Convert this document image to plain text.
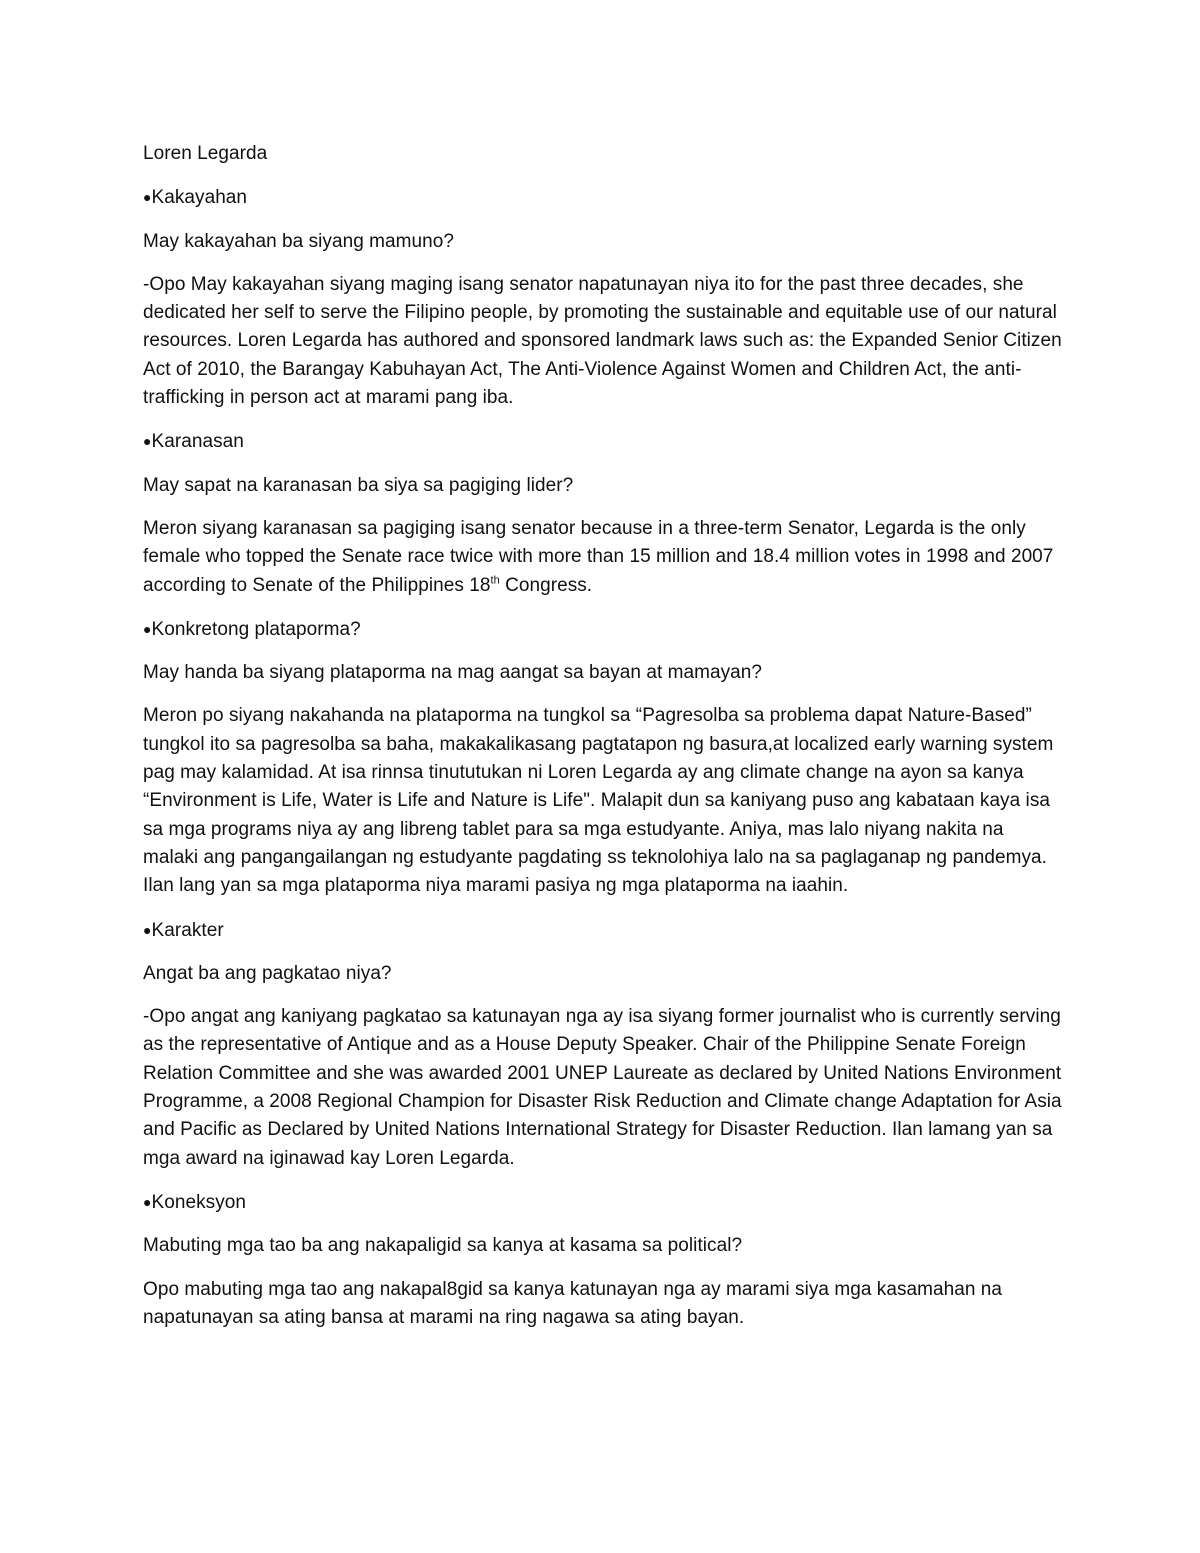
Loren Legarda

●Kakayahan

May kakayahan ba siyang mamuno?

-Opo May kakayahan siyang maging isang senator napatunayan niya ito for the past three decades, she dedicated her self to serve the Filipino people, by promoting the sustainable and equitable use of our natural resources. Loren Legarda has authored and sponsored landmark laws such as: the Expanded Senior Citizen Act of 2010, the Barangay Kabuhayan Act, The Anti-Violence Against Women and Children Act, the anti-trafficking in person act at marami pang iba.

●Karanasan

May sapat na karanasan ba siya sa pagiging lider?

Meron siyang karanasan sa pagiging isang senator because in a three-term Senator, Legarda is the only female who topped the Senate race twice with more than 15 million and 18.4 million votes in 1998 and 2007 according to Senate of the Philippines 18th Congress.

●Konkretong plataporma?

May handa ba siyang plataporma na mag aangat sa bayan at mamayan?

Meron po siyang nakahanda na plataporma na tungkol sa “Pagresolba sa problema dapat Nature-Based” tungkol ito sa pagresolba sa baha, makakalikasang pagtatapon ng basura,at localized early warning system pag may kalamidad. At isa rinnsa tinututukan ni Loren Legarda ay ang climate change na ayon sa kanya “Environment is Life, Water is Life and Nature is Life". Malapit dun sa kaniyang puso ang kabataan kaya isa sa mga programs niya ay ang libreng tablet para sa mga estudyante. Aniya, mas lalo niyang nakita na malaki ang pangangailangan ng estudyante pagdating ss teknolohiya lalo na sa paglaganap ng pandemya. Ilan lang yan sa mga plataporma niya marami pasiya ng mga plataporma na iaahin.

●Karakter

Angat ba ang pagkatao niya?

-Opo angat ang kaniyang pagkatao sa katunayan nga ay isa siyang former journalist who is currently serving as the representative of Antique and as a House Deputy Speaker. Chair of the Philippine Senate Foreign Relation Committee and she was awarded 2001 UNEP Laureate as declared by United Nations Environment Programme, a 2008 Regional Champion for Disaster Risk Reduction and Climate change Adaptation for Asia and Pacific as Declared by United Nations International Strategy for Disaster Reduction. Ilan lamang yan sa mga award na iginawad kay Loren Legarda.

●Koneksyon

Mabuting mga tao ba ang nakapaligid sa kanya at kasama sa political?

Opo mabuting mga tao ang nakapal8gid sa kanya katunayan nga ay marami siya mga kasamahan na napatunayan sa ating bansa at marami na ring nagawa sa ating bayan.
